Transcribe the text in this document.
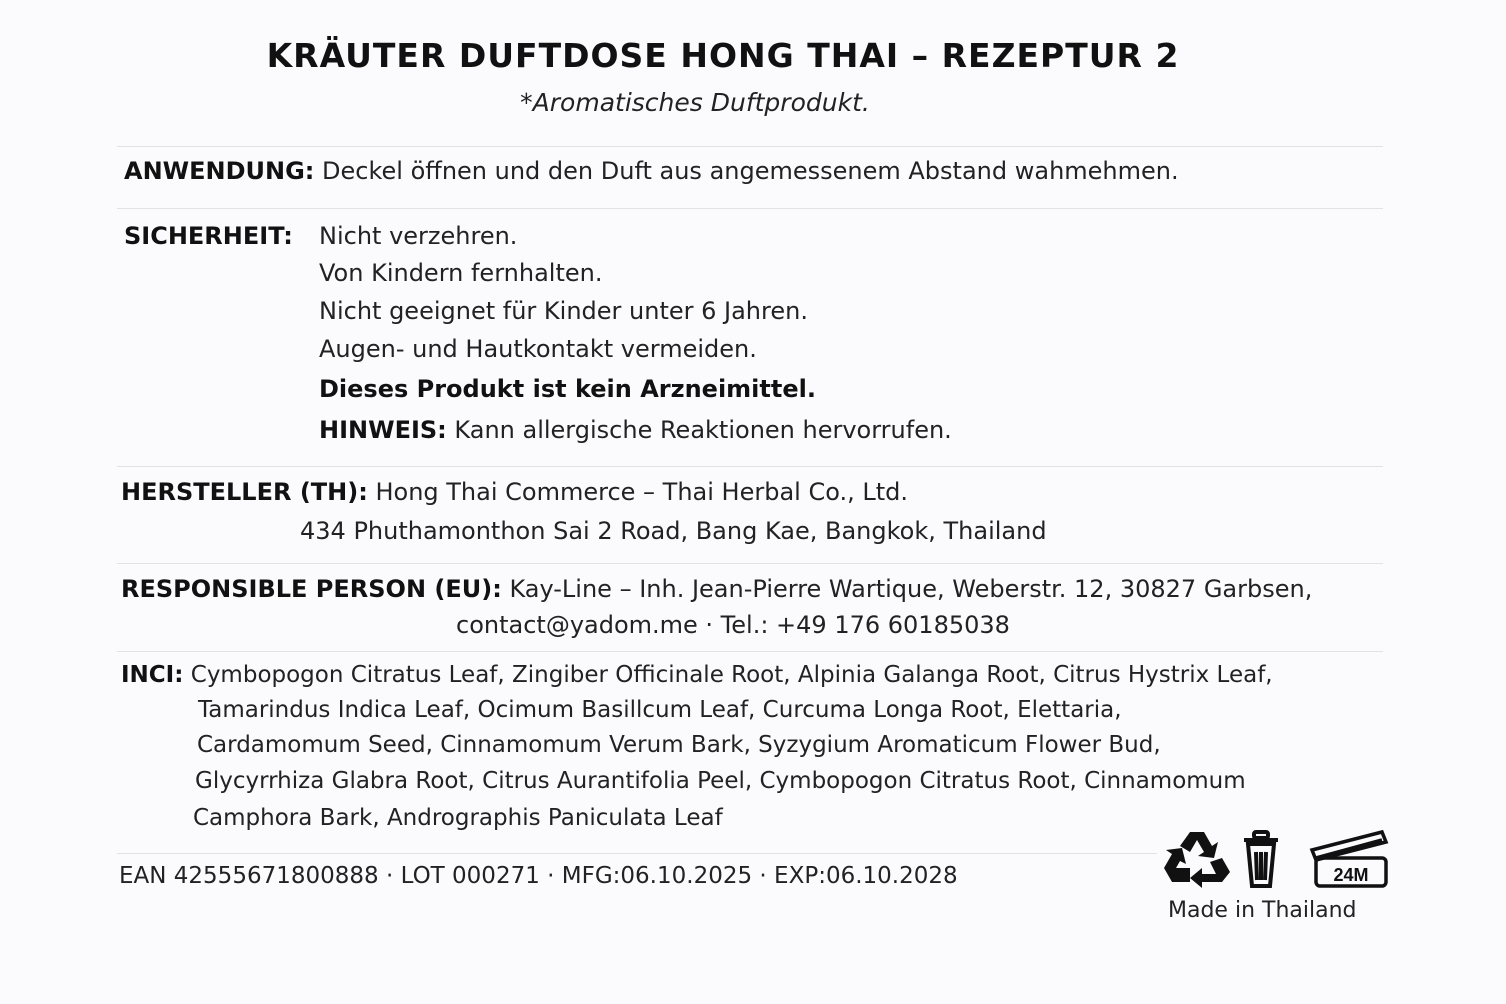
KRÄUTER DUFTDOSE HONG THAI – REZEPTUR 2
*Aromatisches Duftprodukt.
ANWENDUNG: Deckel öffnen und den Duft aus angemessenem Abstand wahmehmen.
SICHERHEIT: Nicht verzehren.
Von Kindern fernhalten.
Nicht geeignet für Kinder unter 6 Jahren.
Augen- und Hautkontakt vermeiden.
Dieses Produkt ist kein Arzneimittel.
HINWEIS: Kann allergische Reaktionen hervorrufen.
HERSTELLER (TH): Hong Thai Commerce – Thai Herbal Co., Ltd.
434 Phuthamonthon Sai 2 Road, Bang Kae, Bangkok, Thailand
RESPONSIBLE PERSON (EU): Kay-Line – Inh. Jean-Pierre Wartique, Weberstr. 12, 30827 Garbsen,
contact@yadom.me · Tel.: +49 176 60185038
INCI: Cymbopogon Citratus Leaf, Zingiber Officinale Root, Alpinia Galanga Root, Citrus Hystrix Leaf,
Tamarindus Indica Leaf, Ocimum Basillcum Leaf, Curcuma Longa Root, Elettaria,
Cardamomum Seed, Cinnamomum Verum Bark, Syzygium Aromaticum Flower Bud,
Glycyrrhiza Glabra Root, Citrus Aurantifolia Peel, Cymbopogon Citratus Root, Cinnamomum
Camphora Bark, Andrographis Paniculata Leaf
EAN 42555671800888 · LOT 000271 · MFG:06.10.2025 · EXP:06.10.2028	24M
Made in Thailand
